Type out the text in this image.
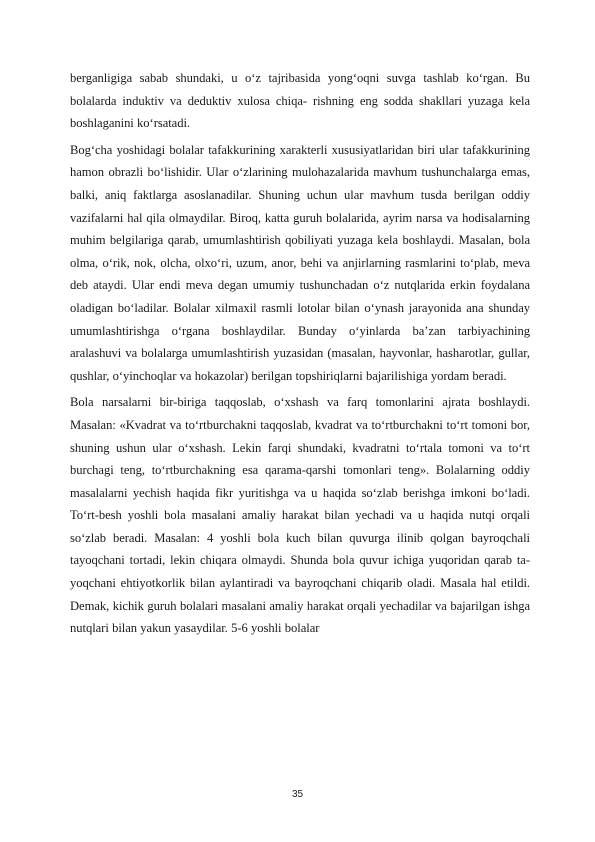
berganligiga sabab shundaki, u o‘z tajribasida yong‘oqni suvga tashlab ko‘rgan. Bu bolalarda induktiv va deduktiv xulosa chiqa- rishning eng sodda shakllari yuzaga kela boshlaganini ko‘rsatadi.

Bog‘cha yoshidagi bolalar tafakkurining xarakterli xususiyatlaridan biri ular tafakkurining hamon obrazli bo‘lishidir. Ular o‘zlarining mulohazalarida mavhum tushunchalarga emas, balki, aniq faktlarga asoslanadilar. Shuning uchun ular mavhum tusda berilgan oddiy vazifalarni hal qila olmaydilar. Biroq, katta guruh bolalarida, ayrim narsa va hodisalarning muhim belgilariga qarab, umumlashtirish qobiliyati yuzaga kela boshlaydi. Masalan, bola olma, o‘rik, nok, olcha, olxo‘ri, uzum, anor, behi va anjirlarning rasmlarini to‘plab, meva deb ataydi. Ular endi meva degan umumiy tushunchadan o‘z nutqlarida erkin foydalana oladigan bo‘ladilar. Bolalar xilmaxil rasmli lotolar bilan o‘ynash jarayonida ana shunday umumlashtirishga o‘rgana boshlaydilar. Bunday o‘yinlarda ba’zan tarbiyachining aralashuvi va bolalarga umumlashtirish yuzasidan (masalan, hayvonlar, hasharotlar, gullar, qushlar, o‘yinchoqlar va hokazolar) berilgan topshiriqlarni bajarilishiga yordam beradi.

Bola narsalarni bir-biriga taqqoslab, o‘xshash va farq tomonlarini ajrata boshlaydi. Masalan: «Kvadrat va to‘rtburchakni taqqoslab, kvadrat va to‘rtburchakni to‘rt tomoni bor, shuning ushun ular o‘xshash. Lekin farqi shundaki, kvadratni to‘rtala tomoni va to‘rt burchagi teng, to‘rtburchakning esa qarama-qarshi tomonlari teng». Bolalarning oddiy masalalarni yechish haqida fikr yuritishga va u haqida so‘zlab berishga imkoni bo‘ladi. To‘rt-besh yoshli bola masalani amaliy harakat bilan yechadi va u haqida nutqi orqali so‘zlab beradi. Masalan: 4 yoshli bola kuch bilan quvurga ilinib qolgan bayroqchali tayoqchani tortadi, lekin chiqara olmaydi. Shunda bola quvur ichiga yuqoridan qarab ta- yoqchani ehtiyotkorlik bilan aylantiradi va bayroqchani chiqarib oladi. Masala hal etildi. Demak, kichik guruh bolalari masalani amaliy harakat orqali yechadilar va bajarilgan ishga nutqlari bilan yakun yasaydilar. 5-6 yoshli bolalar

35
